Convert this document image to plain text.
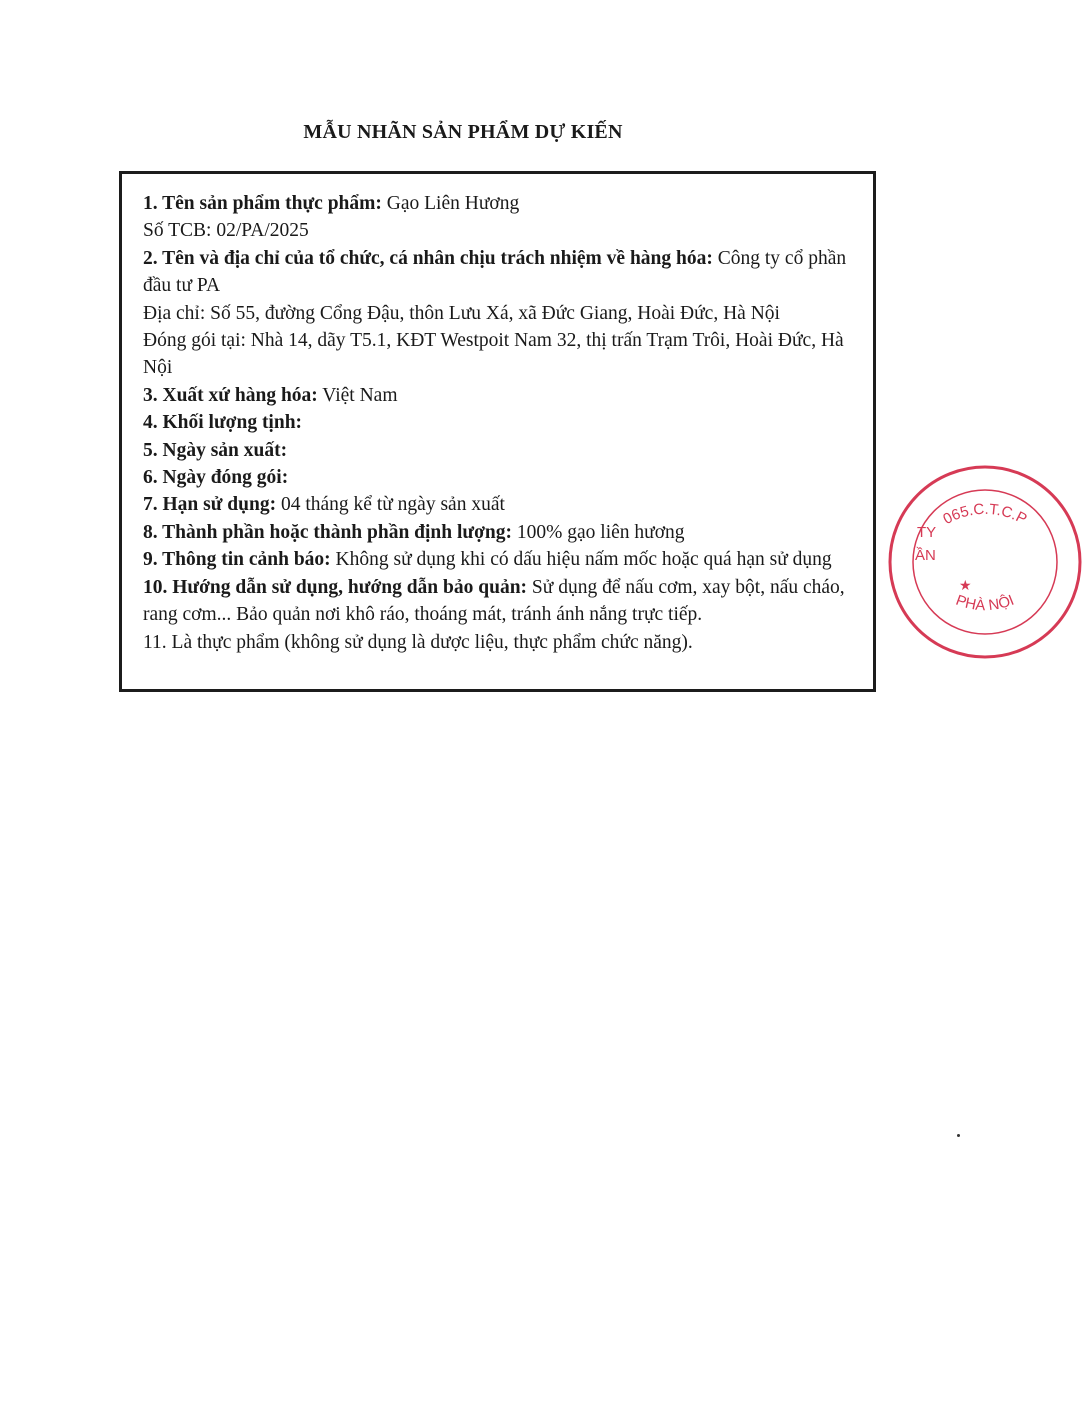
MẪU NHÃN SẢN PHẨM DỰ KIẾN
1. Tên sản phẩm thực phẩm: Gạo Liên Hương
Số TCB: 02/PA/2025
2. Tên và địa chỉ của tổ chức, cá nhân chịu trách nhiệm về hàng hóa: Công ty cổ phần đầu tư PA
Địa chỉ: Số 55, đường Cổng Đậu, thôn Lưu Xá, xã Đức Giang, Hoài Đức, Hà Nội
Đóng gói tại: Nhà 14, dãy T5.1, KĐT Westpoit Nam 32, thị trấn Trạm Trôi, Hoài Đức, Hà Nội
3. Xuất xứ hàng hóa: Việt Nam
4. Khối lượng tịnh:
5. Ngày sản xuất:
6. Ngày đóng gói:
7. Hạn sử dụng: 04 tháng kể từ ngày sản xuất
8. Thành phần hoặc thành phần định lượng: 100% gạo liên hương
9. Thông tin cảnh báo: Không sử dụng khi có dấu hiệu nấm mốc hoặc quá hạn sử dụng
10. Hướng dẫn sử dụng, hướng dẫn bảo quản: Sử dụng để nấu cơm, xay bột, nấu cháo, rang cơm... Bảo quản nơi khô ráo, thoáng mát, tránh ánh nắng trực tiếp.
11. Là thực phẩm (không sử dụng là dược liệu, thực phẩm chức năng).
065.C.T.C.P
PHÀ NỘI
TY
ẦN
★
